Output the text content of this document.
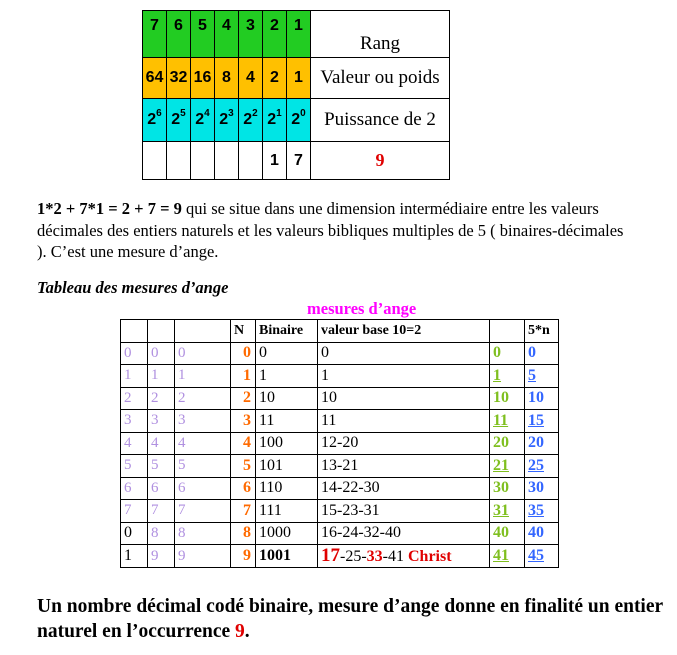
7	6	5	4	3	2	1	Rang
64	32	16	8	4	2	1	Valeur ou poids
$2^6$	$2^5$	$2^4$	$2^3$	$2^2$	$2^1$	$2^0$	Puissance de 2
					1	7	9

1*2 + 7*1 = 2 + 7 = 9 qui se situe dans une dimension intermédiaire entre les valeurs décimales des entiers naturels et les valeurs bibliques multiples de 5 ( binaires-décimales ). C’est une mesure d’ange.

Tableau des mesures d’ange

mesures d’ange

			N	Binaire	valeur base 10=2		5*n
0	0	0	0	0	0	0	0
1	1	1	1	1	1	1	5
2	2	2	2	10	10	10	10
3	3	3	3	11	11	11	15
4	4	4	4	100	12-20	20	20
5	5	5	5	101	13-21	21	25
6	6	6	6	110	14-22-30	30	30
7	7	7	7	111	15-23-31	31	35
0	8	8	8	1000	16-24-32-40	40	40
1	9	9	9	1001	17-25-33-41 Christ	41	45

Un nombre décimal codé binaire, mesure d’ange donne en finalité un entier naturel en l’occurrence 9.
